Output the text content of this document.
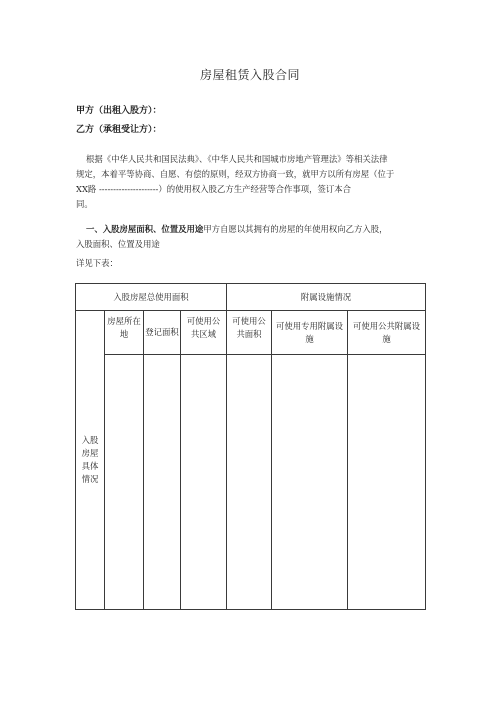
房屋租赁入股合同
甲方（出租入股方）：
乙方（承租受让方）：

根据《中华人民共和国民法典》、《中华人民共和国城市房地产管理法》等相关法律
规定，本着平等协商、自愿、有偿的原则，经双方协商一致，就甲方以所有房屋（位于
XX路 ---------------------）的使用权入股乙方生产经营等合作事项，签订本合
同。

一、入股房屋面积、位置及用途甲方自愿以其拥有的房屋的年使用权向乙方入股，
入股面积、位置及用途
详见下表：

入股房屋总使用面积				附属设施情况		
入股房屋具体情况	房屋所在地	登记面积	可使用公共区域	可使用公共面积	可使用专用附属设施	可使用公共附属设施
